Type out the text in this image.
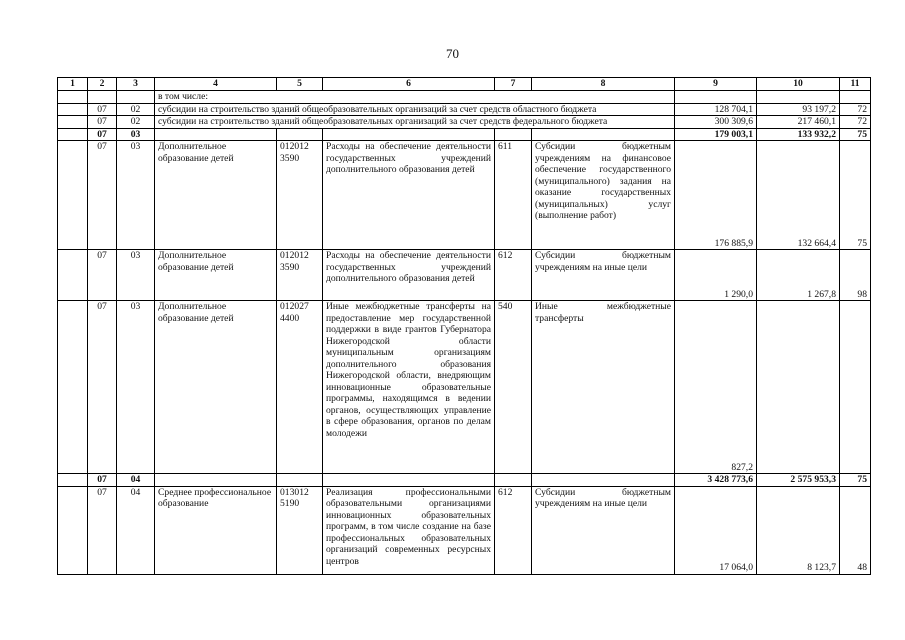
70
1	2	3	4	5	6	7	8	9	10	11
			в том числе:							
	07	02	субсидии на строительство зданий общеобразовательных организаций за счет средств областного бюджета					128 704,1	93 197,2	72
	07	02	субсидии на строительство зданий общеобразовательных организаций за счет средств федерального бюджета					300 309,6	217 460,1	72
	07	03						179 003,1	133 932,2	75
	07	03	Дополнительное образование детей	012012 3590	Расходы на обеспечение деятельности государственных учреждений дополнительного образования детей	611	Субсидии бюджетным учреждениям на финансовое обеспечение государственного (муниципального) задания на оказание государственных (муниципальных) услуг (выполнение работ)	176 885,9	132 664,4	75
	07	03	Дополнительное образование детей	012012 3590	Расходы на обеспечение деятельности государственных учреждений дополнительного образования детей	612	Субсидии бюджетным учреждениям на иные цели	1 290,0	1 267,8	98
	07	03	Дополнительное образование детей	012027 4400	Иные межбюджетные трансферты на предоставление мер государственной поддержки в виде грантов Губернатора Нижегородской области муниципальным организациям дополнительного образования Нижегородской области, внедряющим инновационные образовательные программы, находящимся в ведении органов, осуществляющих управление в сфере образования, органов по делам молодежи	540	Иные межбюджетные трансферты	827,2		
	07	04						3 428 773,6	2 575 953,3	75
	07	04	Среднее профессиональное образование	013012 5190	Реализация профессиональными образовательными организациями инновационных образовательных программ, в том числе создание на базе профессиональных образовательных организаций современных ресурсных центров	612	Субсидии бюджетным учреждениям на иные цели	17 064,0	8 123,7	48
